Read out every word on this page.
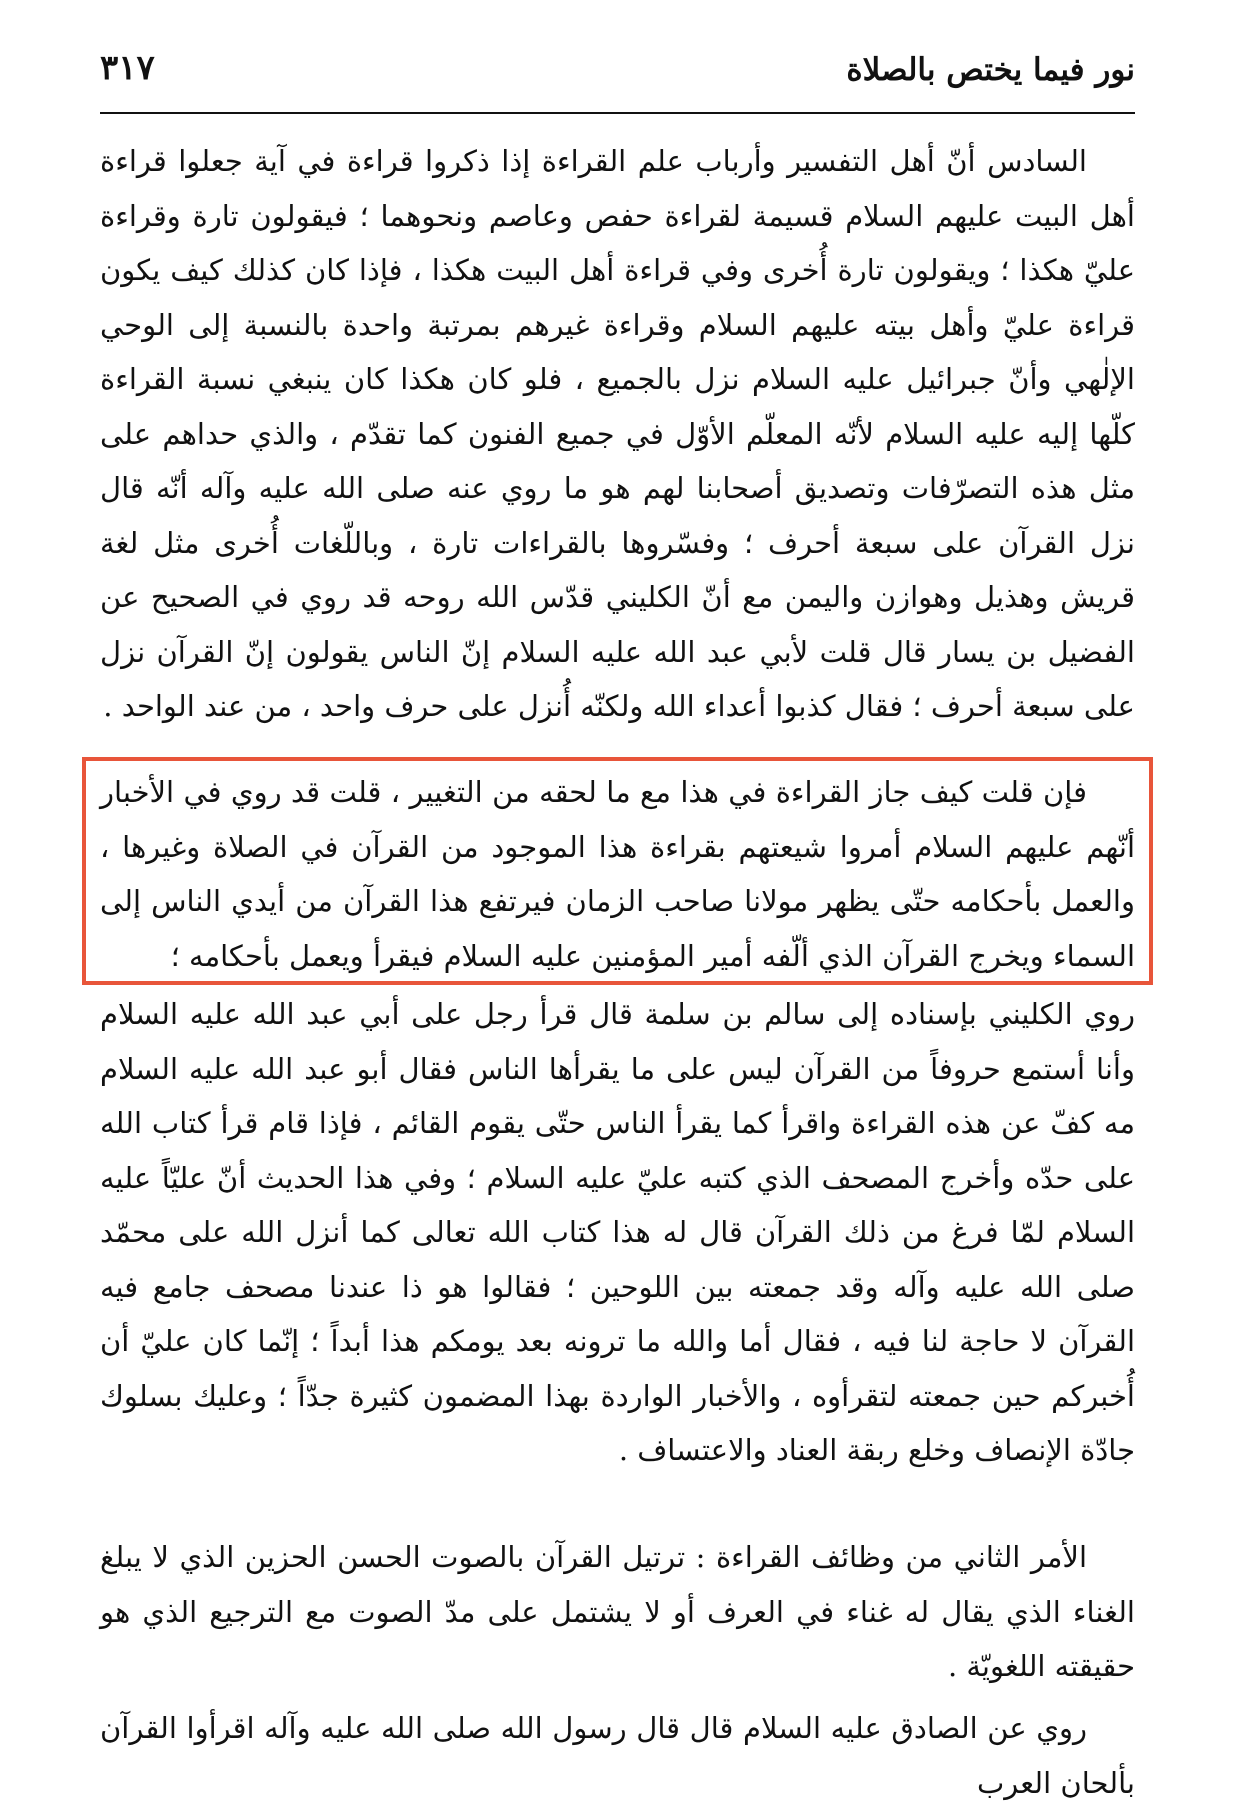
نور فيما يختص بالصلاة
٣١٧

السادس أنّ أهل التفسير وأرباب علم القراءة إذا ذكروا قراءة في آية جعلوا قراءة أهل البيت عليهم السلام قسيمة لقراءة حفص وعاصم ونحوهما ؛ فيقولون تارة وقراءة عليّ هكذا ؛ ويقولون تارة أُخرى وفي قراءة أهل البيت هكذا ، فإذا كان كذلك كيف يكون قراءة عليّ وأهل بيته عليهم السلام وقراءة غيرهم بمرتبة واحدة بالنسبة إلى الوحي الإلٰهي وأنّ جبرائيل عليه السلام نزل بالجميع ، فلو كان هكذا كان ينبغي نسبة القراءة كلّها إليه عليه السلام لأنّه المعلّم الأوّل في جميع الفنون كما تقدّم ، والذي حداهم على مثل هذه التصرّفات وتصديق أصحابنا لهم هو ما روي عنه صلى الله عليه وآله أنّه قال نزل القرآن على سبعة أحرف ؛ وفسّروها بالقراءات تارة ، وباللّغات أُخرى مثل لغة قريش وهذيل وهوازن واليمن مع أنّ الكليني قدّس الله روحه قد روي في الصحيح عن الفضيل بن يسار قال قلت لأبي عبد الله عليه السلام إنّ الناس يقولون إنّ القرآن نزل على سبعة أحرف ؛ فقال كذبوا أعداء الله ولكنّه أُنزل على حرف واحد ، من عند الواحد .

فإن قلت كيف جاز القراءة في هذا مع ما لحقه من التغيير ، قلت قد روي في الأخبار أنّهم عليهم السلام أمروا شيعتهم بقراءة هذا الموجود من القرآن في الصلاة وغيرها ، والعمل بأحكامه حتّى يظهر مولانا صاحب الزمان فيرتفع هذا القرآن من أيدي الناس إلى السماء ويخرج القرآن الذي ألّفه أمير المؤمنين عليه السلام فيقرأ ويعمل بأحكامه ؛

روي الكليني بإسناده إلى سالم بن سلمة قال قرأ رجل على أبي عبد الله عليه السلام وأنا أستمع حروفاً من القرآن ليس على ما يقرأها الناس فقال أبو عبد الله عليه السلام مه كفّ عن هذه القراءة واقرأ كما يقرأ الناس حتّى يقوم القائم ، فإذا قام قرأ كتاب الله على حدّه وأخرج المصحف الذي كتبه عليّ عليه السلام ؛ وفي هذا الحديث أنّ عليّاً عليه السلام لمّا فرغ من ذلك القرآن قال له هذا كتاب الله تعالى كما أنزل الله على محمّد صلى الله عليه وآله وقد جمعته بين اللوحين ؛ فقالوا هو ذا عندنا مصحف جامع فيه القرآن لا حاجة لنا فيه ، فقال أما والله ما ترونه بعد يومكم هذا أبداً ؛ إنّما كان عليّ أن أُخبركم حين جمعته لتقرأوه ، والأخبار الواردة بهذا المضمون كثيرة جدّاً ؛ وعليك بسلوك جادّة الإنصاف وخلع ربقة العناد والاعتساف .

الأمر الثاني من وظائف القراءة : ترتيل القرآن بالصوت الحسن الحزين الذي لا يبلغ الغناء الذي يقال له غناء في العرف أو لا يشتمل على مدّ الصوت مع الترجيع الذي هو حقيقته اللغويّة .

روي عن الصادق عليه السلام قال قال رسول الله صلى الله عليه وآله اقرأوا القرآن بألحان العرب
